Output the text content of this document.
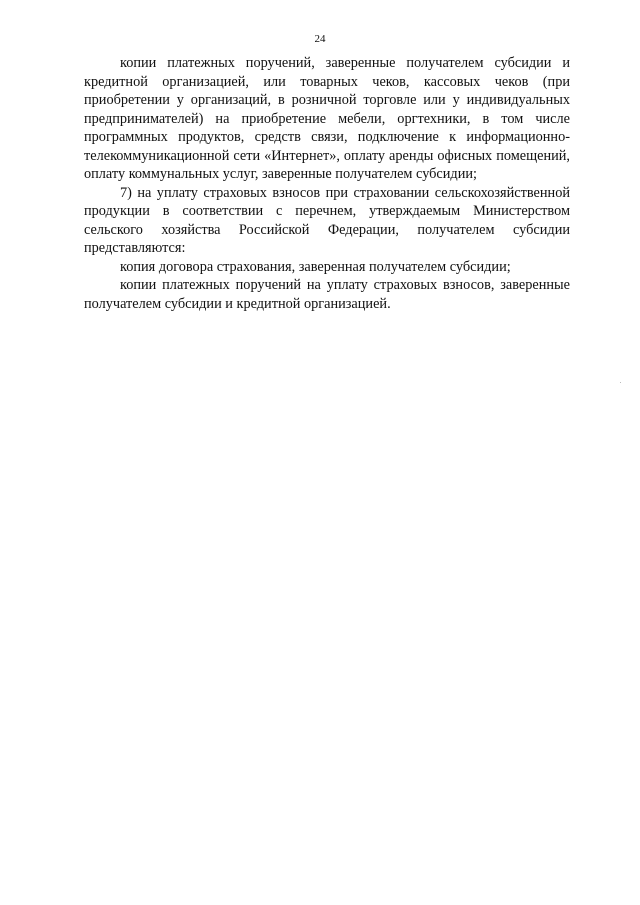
24

копии платежных поручений, заверенные получателем субсидии и кредитной организацией, или товарных чеков, кассовых чеков (при приобретении у организаций, в розничной торговле или у индивидуальных предпринимателей) на приобретение мебели, оргтехники, в том числе программных продуктов, средств связи, подключение к информационно-телекоммуникационной сети «Интернет», оплату аренды офисных помещений, оплату коммунальных услуг, заверенные получателем субсидии;

7) на уплату страховых взносов при страховании сельскохозяйственной продукции в соответствии с перечнем, утверждаемым Министерством сельского хозяйства Российской Федерации, получателем субсидии представляются:

копия договора страхования, заверенная получателем субсидии;

копии платежных поручений на уплату страховых взносов, заверенные получателем субсидии и кредитной организацией.
